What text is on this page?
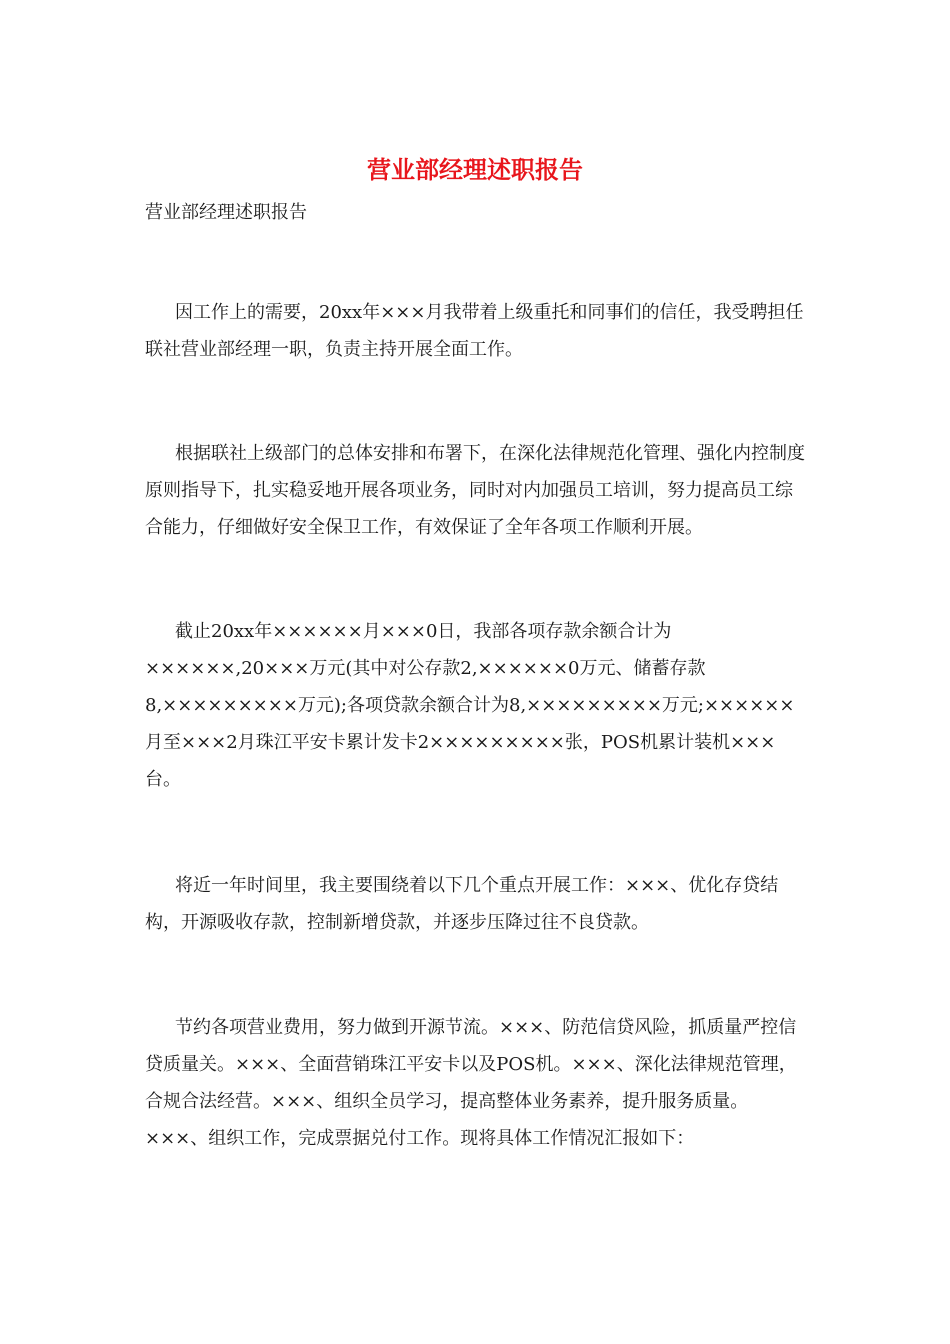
营业部经理述职报告

营业部经理述职报告

因工作上的需要，20xx年×××月我带着上级重托和同事们的信任，我受聘担任联社营业部经理一职，负责主持开展全面工作。

根据联社上级部门的总体安排和布署下，在深化法律规范化管理、强化内控制度原则指导下，扎实稳妥地开展各项业务，同时对内加强员工培训，努力提高员工综合能力，仔细做好安全保卫工作，有效保证了全年各项工作顺利开展。

截止20xx年××××××月×××0日，我部各项存款余额合计为××××××,20×××万元(其中对公存款2,××××××0万元、储蓄存款8,×××××××××万元);各项贷款余额合计为8,×××××××××万元;××××××月至×××2月珠江平安卡累计发卡2×××××××××张，POS机累计装机×××台。

将近一年时间里，我主要围绕着以下几个重点开展工作：×××、优化存贷结构，开源吸收存款，控制新增贷款，并逐步压降过往不良贷款。

节约各项营业费用，努力做到开源节流。×××、防范信贷风险，抓质量严控信贷质量关。×××、全面营销珠江平安卡以及POS机。×××、深化法律规范管理，合规合法经营。×××、组织全员学习，提高整体业务素养，提升服务质量。×××、组织工作，完成票据兑付工作。现将具体工作情况汇报如下：
